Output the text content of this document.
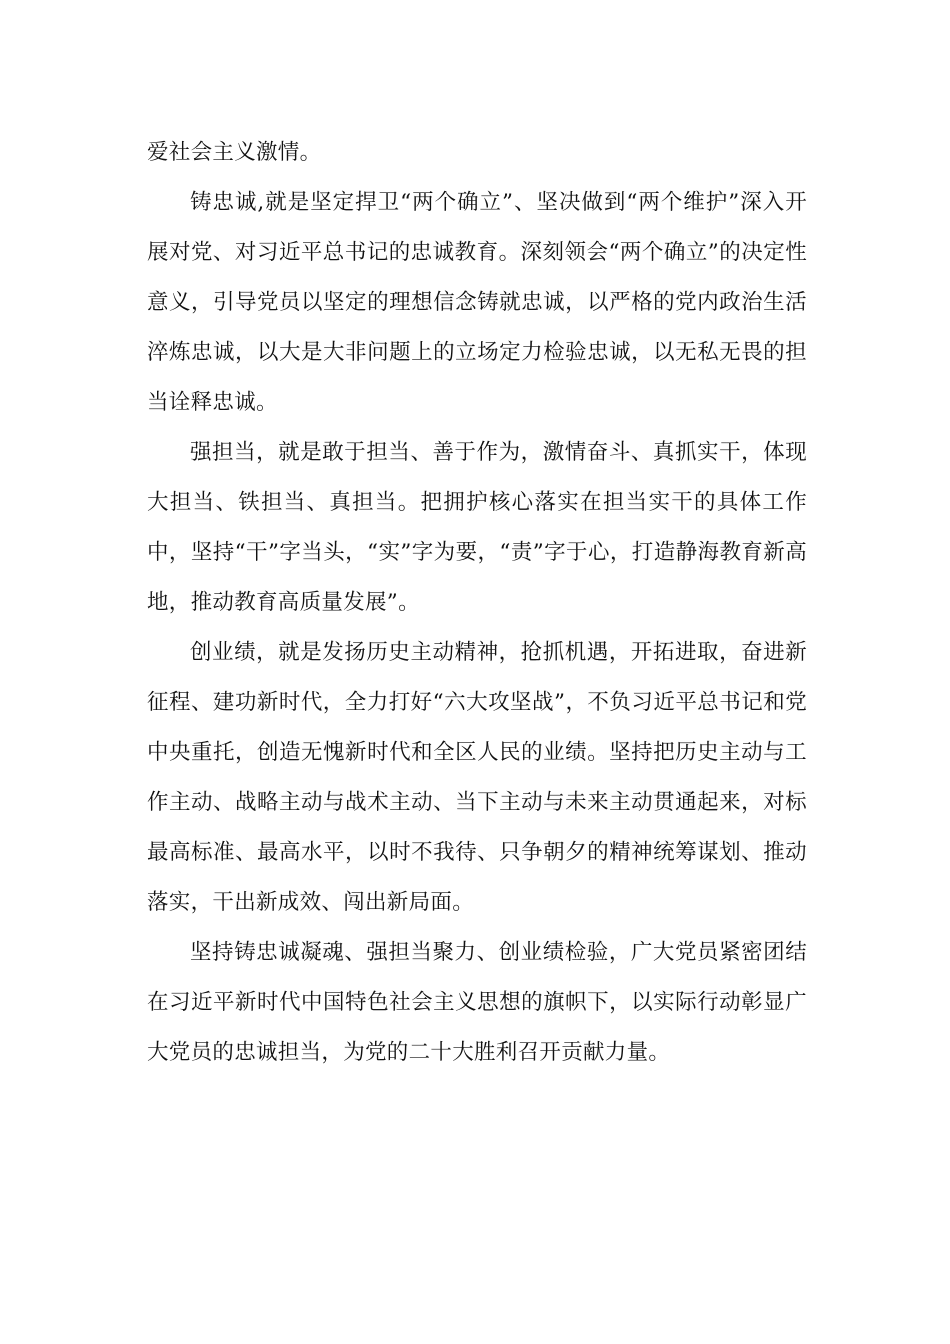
爱社会主义激情。

铸忠诚,就是坚定捍卫“两个确立”、坚决做到“两个维护”深入开展对党、对习近平总书记的忠诚教育。深刻领会“两个确立”的决定性意义，引导党员以坚定的理想信念铸就忠诚，以严格的党内政治生活淬炼忠诚，以大是大非问题上的立场定力检验忠诚，以无私无畏的担当诠释忠诚。

强担当，就是敢于担当、善于作为，激情奋斗、真抓实干，体现大担当、铁担当、真担当。把拥护核心落实在担当实干的具体工作中，坚持“干”字当头，“实”字为要，“责”字于心，打造静海教育新高地，推动教育高质量发展”。

创业绩，就是发扬历史主动精神，抢抓机遇，开拓进取，奋进新征程、建功新时代，全力打好“六大攻坚战”，不负习近平总书记和党中央重托，创造无愧新时代和全区人民的业绩。坚持把历史主动与工作主动、战略主动与战术主动、当下主动与未来主动贯通起来，对标最高标准、最高水平，以时不我待、只争朝夕的精神统筹谋划、推动落实，干出新成效、闯出新局面。

坚持铸忠诚凝魂、强担当聚力、创业绩检验，广大党员紧密团结在习近平新时代中国特色社会主义思想的旗帜下，以实际行动彰显广大党员的忠诚担当，为党的二十大胜利召开贡献力量。
